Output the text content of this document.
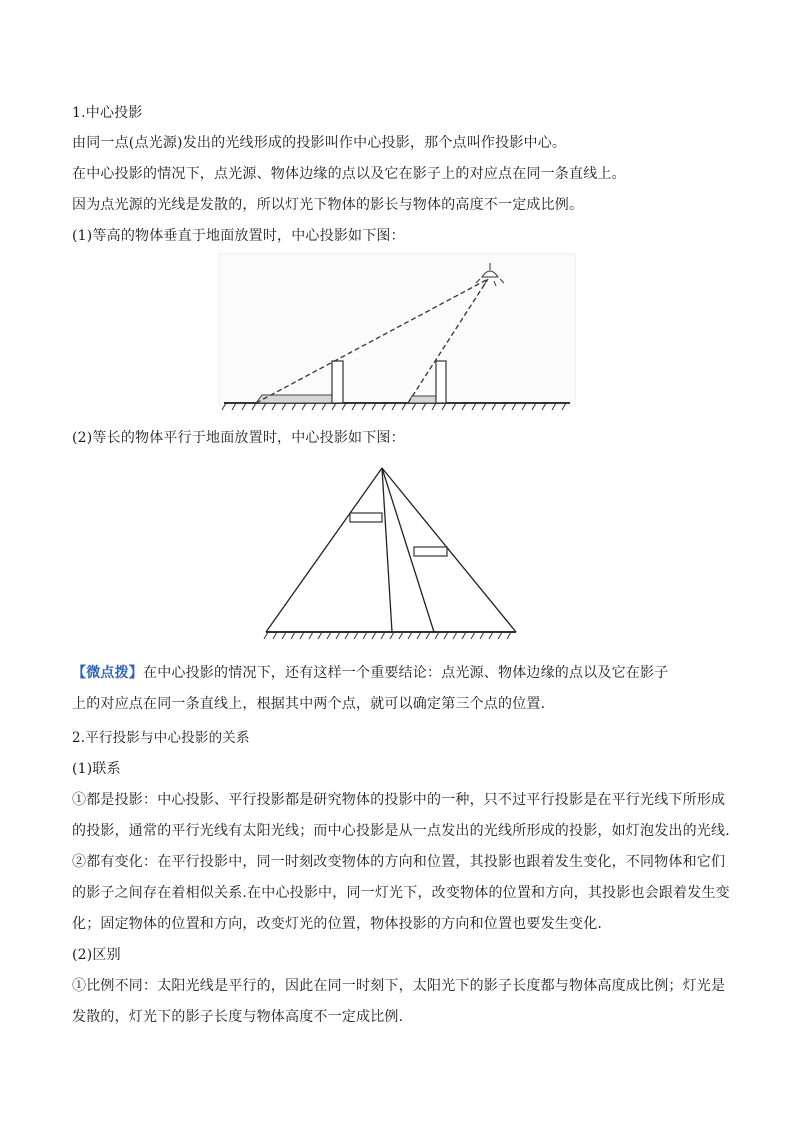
1.中心投影
由同一点(点光源)发出的光线形成的投影叫作中心投影，那个点叫作投影中心。
在中心投影的情况下，点光源、物体边缘的点以及它在影子上的对应点在同一条直线上。
因为点光源的光线是发散的，所以灯光下物体的影长与物体的高度不一定成比例。
(1)等高的物体垂直于地面放置时，中心投影如下图：
(2)等长的物体平行于地面放置时，中心投影如下图：
【微点拨】在中心投影的情况下，还有这样一个重要结论：点光源、物体边缘的点以及它在影子
上的对应点在同一条直线上，根据其中两个点，就可以确定第三个点的位置.
2.平行投影与中心投影的关系
(1)联系
①都是投影：中心投影、平行投影都是研究物体的投影中的一种，只不过平行投影是在平行光线下所形成
的投影，通常的平行光线有太阳光线；而中心投影是从一点发出的光线所形成的投影，如灯泡发出的光线.
②都有变化：在平行投影中，同一时刻改变物体的方向和位置，其投影也跟着发生变化，不同物体和它们
的影子之间存在着相似关系.在中心投影中，同一灯光下，改变物体的位置和方向，其投影也会跟着发生变
化；固定物体的位置和方向，改变灯光的位置，物体投影的方向和位置也要发生变化.
(2)区别
①比例不同：太阳光线是平行的，因此在同一时刻下，太阳光下的影子长度都与物体高度成比例；灯光是
发散的，灯光下的影子长度与物体高度不一定成比例.
